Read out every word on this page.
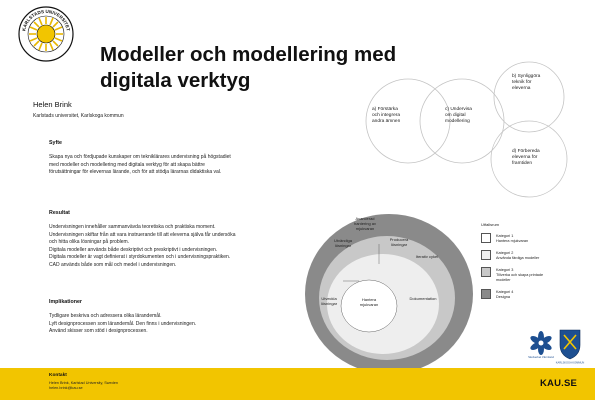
KARLSTADS UNIVERSITET
Modeller och modellering med
digitala verktyg
Helen Brink
Karlstads universitet, Karlskoga kommun
Syfte
Skapa nya och fördjupade kunskaper om tekniklärares undervisning på högstadiet
med modeller och modellering med digitala verktyg för att skapa bättre
förutsättningar för elevernas lärande, och för att stödja lärarnas didaktiska val.
Resultat
Undervisningen innehåller sammanvävda teoretiska och praktiska moment.
Undervisningen skiftar från att vara instruerande till att eleverna själva får undersöka
och hitta olika lösningar på problem.
Digitala modeller används både deskriptivt och preskriptivt i undervisningen.
Digitala modeller är vagt definierat i styrdokumenten och i undervisningspraktiken.
CAD används både som mål och medel i undervisningen.
Implikationer
Tydligare beskriva och adressera olika lärandemål.
Lyft designprocessen som lärandemål. Den finns i undervisningen.
Använd skisser som stöd i designprocessen.
a) Förstärka
och integrera
andra ämnen
c) Undervisa
om digital
modellering
b) Synliggöra
teknik för
eleverna
d) Förbereda
eleverna för
framtiden
Avancerad
hantering av
mjukvaran
Utvändiga
lösningar
Producera
lösningar
Iterativ cykel
Utveckla
lösningar
Hantera
mjukvaran
Dokumentation
Utfallsrum
Kategori 1
Hantera mjukvaran
Kategori 2
Använda färdiga modeller
Kategori 3
Tillverka och skapa printade
modeller
Kategori 4
Designa
Skolverket Värmland
KARLSKOGA KOMMUN
Kontakt
Helen Brink, Karlstad University, Sweden
helen.brink@kau.se	KAU.SE
